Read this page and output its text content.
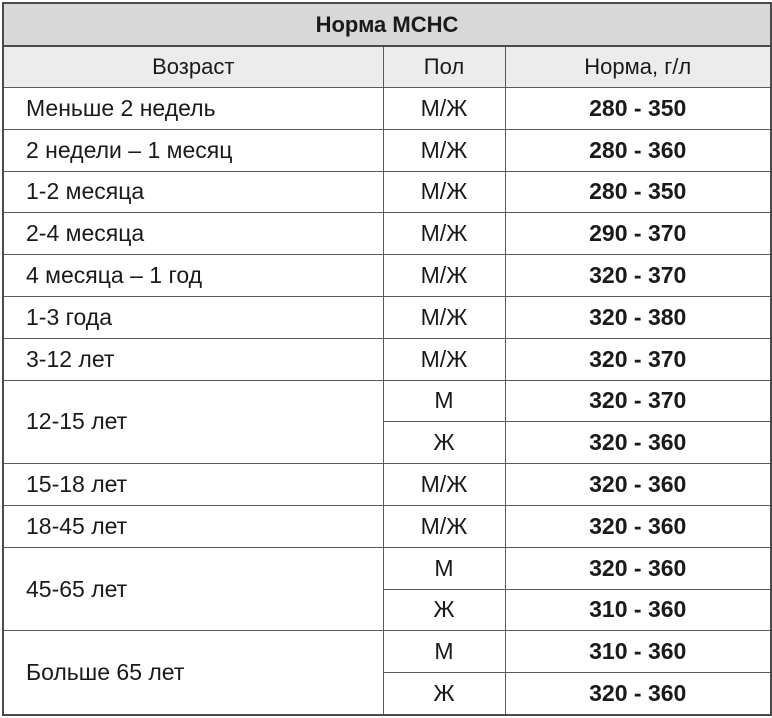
Норма МСНС		
Возраст	Пол	Норма, г/л
Меньше 2 недель	М/Ж	280 - 350
2 недели – 1 месяц	М/Ж	280 - 360
1-2 месяца	М/Ж	280 - 350
2-4 месяца	М/Ж	290 - 370
4 месяца – 1 год	М/Ж	320 - 370
1-3 года	М/Ж	320 - 380
3-12 лет	М/Ж	320 - 370
12-15 лет	М	320 - 370
	Ж	320 - 360
15-18 лет	М/Ж	320 - 360
18-45 лет	М/Ж	320 - 360
45-65 лет	М	320 - 360
	Ж	310 - 360
Больше 65 лет	М	310 - 360
	Ж	320 - 360
